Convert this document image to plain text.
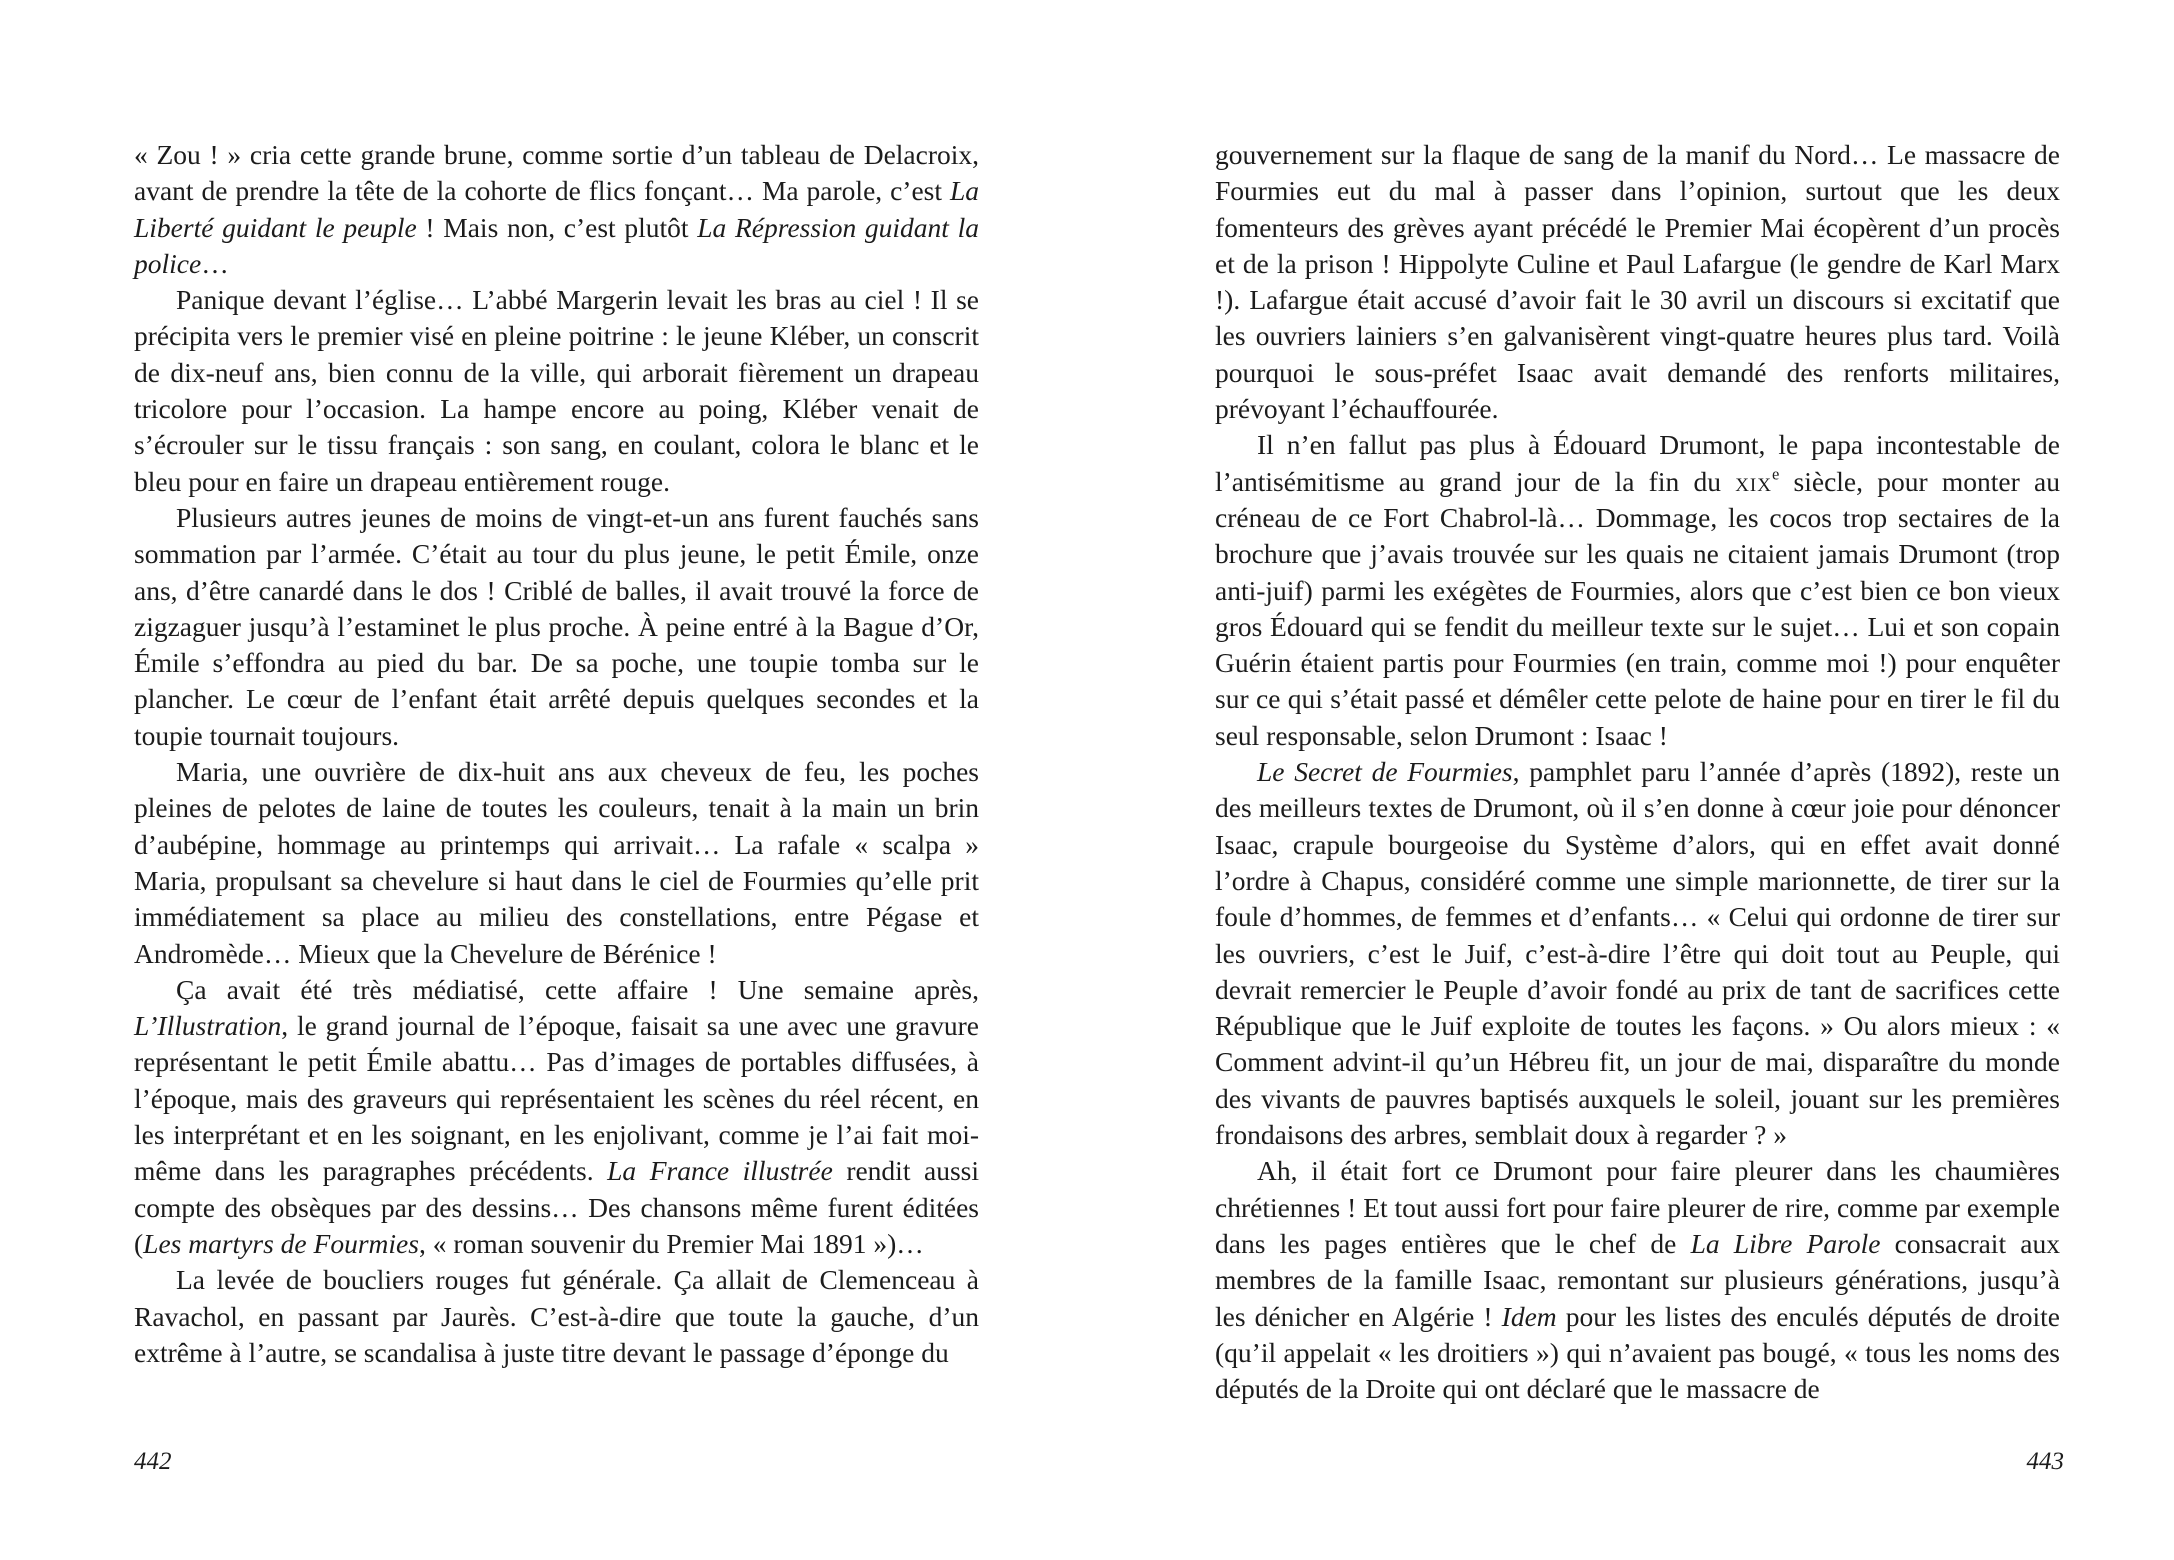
« Zou ! » cria cette grande brune, comme sortie d’un tableau de Delacroix, avant de prendre la tête de la cohorte de flics fonçant… Ma parole, c’est La Liberté guidant le peuple ! Mais non, c’est plutôt La Répression guidant la police…

Panique devant l’église… L’abbé Margerin levait les bras au ciel ! Il se précipita vers le premier visé en pleine poitrine : le jeune Kléber, un conscrit de dix-neuf ans, bien connu de la ville, qui arborait fièrement un drapeau tricolore pour l’occasion. La hampe encore au poing, Kléber venait de s’écrouler sur le tissu français : son sang, en coulant, colora le blanc et le bleu pour en faire un drapeau entièrement rouge.

Plusieurs autres jeunes de moins de vingt-et-un ans furent fauchés sans sommation par l’armée. C’était au tour du plus jeune, le petit Émile, onze ans, d’être canardé dans le dos ! Criblé de balles, il avait trouvé la force de zigzaguer jusqu’à l’estaminet le plus proche. À peine entré à la Bague d’Or, Émile s’effondra au pied du bar. De sa poche, une toupie tomba sur le plancher. Le cœur de l’enfant était arrêté depuis quelques secondes et la toupie tournait toujours.

Maria, une ouvrière de dix-huit ans aux cheveux de feu, les poches pleines de pelotes de laine de toutes les couleurs, tenait à la main un brin d’aubépine, hommage au printemps qui arrivait… La rafale « scalpa » Maria, propulsant sa chevelure si haut dans le ciel de Fourmies qu’elle prit immédiatement sa place au milieu des constellations, entre Pégase et Andromède… Mieux que la Chevelure de Bérénice !

Ça avait été très médiatisé, cette affaire ! Une semaine après, L’Illustration, le grand journal de l’époque, faisait sa une avec une gravure représentant le petit Émile abattu… Pas d’images de portables diffusées, à l’époque, mais des graveurs qui représentaient les scènes du réel récent, en les interprétant et en les soignant, en les enjolivant, comme je l’ai fait moi-même dans les paragraphes précédents. La France illustrée rendit aussi compte des obsèques par des dessins… Des chansons même furent éditées (Les martyrs de Fourmies, « roman souvenir du Premier Mai 1891 »)…

La levée de boucliers rouges fut générale. Ça allait de Clemenceau à Ravachol, en passant par Jaurès. C’est-à-dire que toute la gauche, d’un extrême à l’autre, se scandalisa à juste titre devant le passage d’éponge du

gouvernement sur la flaque de sang de la manif du Nord… Le massacre de Fourmies eut du mal à passer dans l’opinion, surtout que les deux fomenteurs des grèves ayant précédé le Premier Mai écopèrent d’un procès et de la prison ! Hippolyte Culine et Paul Lafargue (le gendre de Karl Marx !). Lafargue était accusé d’avoir fait le 30 avril un discours si excitatif que les ouvriers lainiers s’en galvanisèrent vingt-quatre heures plus tard. Voilà pourquoi le sous-préfet Isaac avait demandé des renforts militaires, prévoyant l’échauffourée.

Il n’en fallut pas plus à Édouard Drumont, le papa incontestable de l’antisémitisme au grand jour de la fin du xix$^e$ siècle, pour monter au créneau de ce Fort Chabrol-là… Dommage, les cocos trop sectaires de la brochure que j’avais trouvée sur les quais ne citaient jamais Drumont (trop anti-juif) parmi les exégètes de Fourmies, alors que c’est bien ce bon vieux gros Édouard qui se fendit du meilleur texte sur le sujet… Lui et son copain Guérin étaient partis pour Fourmies (en train, comme moi !) pour enquêter sur ce qui s’était passé et démêler cette pelote de haine pour en tirer le fil du seul responsable, selon Drumont : Isaac !

Le Secret de Fourmies, pamphlet paru l’année d’après (1892), reste un des meilleurs textes de Drumont, où il s’en donne à cœur joie pour dénoncer Isaac, crapule bourgeoise du Système d’alors, qui en effet avait donné l’ordre à Chapus, considéré comme une simple marionnette, de tirer sur la foule d’hommes, de femmes et d’enfants… « Celui qui ordonne de tirer sur les ouvriers, c’est le Juif, c’est-à-dire l’être qui doit tout au Peuple, qui devrait remercier le Peuple d’avoir fondé au prix de tant de sacrifices cette République que le Juif exploite de toutes les façons. » Ou alors mieux : « Comment advint-il qu’un Hébreu fit, un jour de mai, disparaître du monde des vivants de pauvres baptisés auxquels le soleil, jouant sur les premières frondaisons des arbres, semblait doux à regarder ? »

Ah, il était fort ce Drumont pour faire pleurer dans les chaumières chrétiennes ! Et tout aussi fort pour faire pleurer de rire, comme par exemple dans les pages entières que le chef de La Libre Parole consacrait aux membres de la famille Isaac, remontant sur plusieurs générations, jusqu’à les dénicher en Algérie ! Idem pour les listes des enculés députés de droite (qu’il appelait « les droitiers ») qui n’avaient pas bougé, « tous les noms des députés de la Droite qui ont déclaré que le massacre de

442	443
